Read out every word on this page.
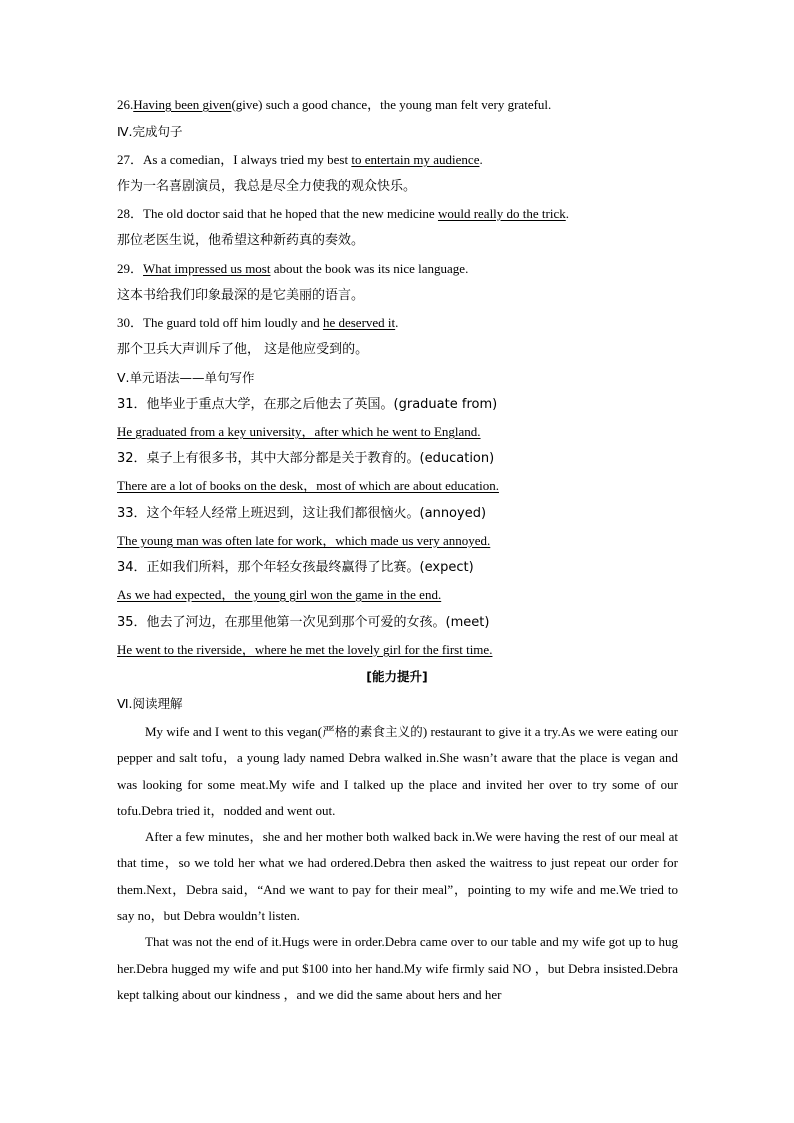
26.Having been given(give) such a good chance，the young man felt very grateful.
Ⅳ.完成句子
27．As a comedian，I always tried my best to entertain my audience.
作为一名喜剧演员，我总是尽全力使我的观众快乐。
28．The old doctor said that he hoped that the new medicine would really do the trick.
那位老医生说，他希望这种新药真的奏效。
29．What impressed us most about the book was its nice language.
这本书给我们印象最深的是它美丽的语言。
30．The guard told off him loudly and he deserved it.
那个卫兵大声训斥了他， 这是他应受到的。
Ⅴ.单元语法——单句写作
31．他毕业于重点大学，在那之后他去了英国。(graduate from)
He graduated from a key university，after which he went to England.
32．桌子上有很多书，其中大部分都是关于教育的。(education)
There are a lot of books on the desk，most of which are about education.
33．这个年轻人经常上班迟到，这让我们都很恼火。(annoyed)
The young man was often late for work，which made us very annoyed.
34．正如我们所料，那个年轻女孩最终赢得了比赛。(expect)
As we had expected，the young girl won the game in the end.
35．他去了河边，在那里他第一次见到那个可爱的女孩。(meet)
He went to the riverside，where he met the lovely girl for the first time.
[能力提升]
Ⅵ.阅读理解

My wife and I went to this vegan(严格的素食主义的) restaurant to give it a try.As we were eating our pepper and salt tofu，a young lady named Debra walked in.She wasn’t aware that the place is vegan and was looking for some meat.My wife and I talked up the place and invited her over to try some of our tofu.Debra tried it，nodded and went out.

After a few minutes，she and her mother both walked back in.We were having the rest of our meal at that time，so we told her what we had ordered.Debra then asked the waitress to just repeat our order for them.Next，Debra said，“And we want to pay for their meal”，pointing to my wife and me.We tried to say no，but Debra wouldn’t listen.

That was not the end of it.Hugs were in order.Debra came over to our table and my wife got up to hug her.Debra hugged my wife and put $100 into her hand.My wife firmly said NO ，but Debra insisted.Debra kept talking about our kindness ，and we did the same about hers and her
